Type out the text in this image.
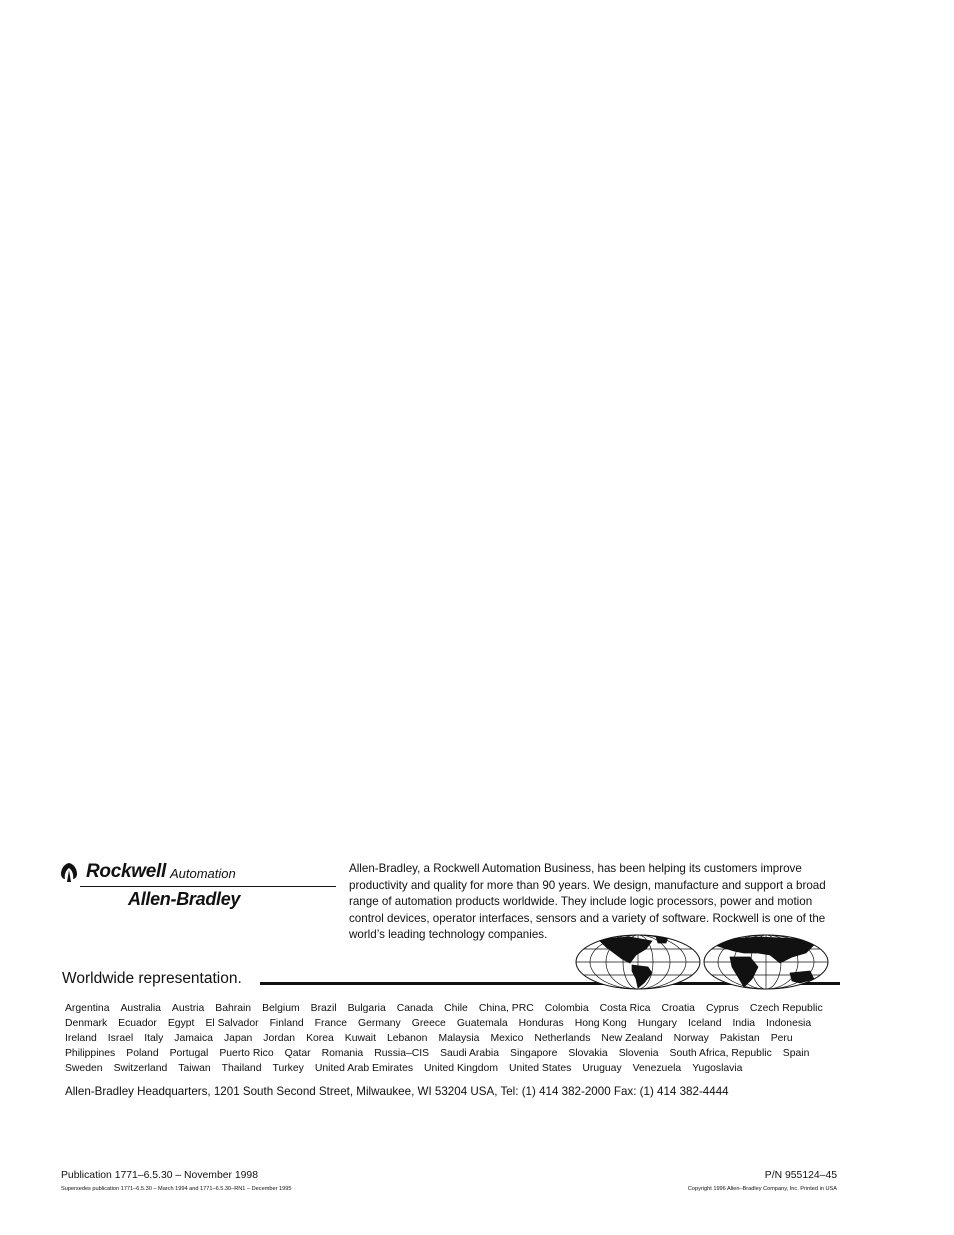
Rockwell Automation
Allen-Bradley
Allen-Bradley, a Rockwell Automation Business, has been helping its customers improve productivity and quality for more than 90 years. We design, manufacture and support a broad range of automation products worldwide. They include logic processors, power and motion control devices, operator interfaces, sensors and a variety of software. Rockwell is one of the world’s leading technology companies.
Worldwide representation.
Argentina Australia Austria Bahrain Belgium Brazil Bulgaria Canada Chile China, PRC Colombia Costa Rica Croatia Cyprus Czech Republic
Denmark Ecuador Egypt El Salvador Finland France Germany Greece Guatemala Honduras Hong Kong Hungary Iceland India Indonesia
Ireland Israel Italy Jamaica Japan Jordan Korea Kuwait Lebanon Malaysia Mexico Netherlands New Zealand Norway Pakistan Peru
Philippines Poland Portugal Puerto Rico Qatar Romania Russia–CIS Saudi Arabia Singapore Slovakia Slovenia South Africa, Republic Spain
Sweden Switzerland Taiwan Thailand Turkey United Arab Emirates United Kingdom United States Uruguay Venezuela Yugoslavia
Allen-Bradley Headquarters, 1201 South Second Street, Milwaukee, WI 53204 USA, Tel: (1) 414 382-2000 Fax: (1) 414 382-4444
Publication 1771–6.5.30 – November 1998
Supersedes publication 1771–6.5.30 – March 1994 and 1771–6.5.30–RN1 – December 1995
P/N 955124–45
Copyright 1996 Allen–Bradley Company, Inc. Printed in USA
